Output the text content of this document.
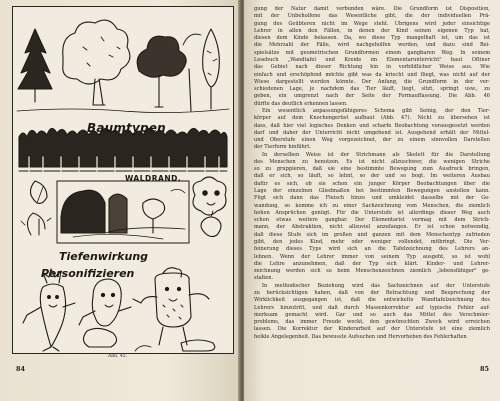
Baumtypen
WALDRAND.
Tiefenwirkung
Personifizieren
Abb. 45.
84
gung der Natur damit verbunden wäre. Die Grundform ist Disposition,
mit der Unbeholfene das Wesentliche gibt, die der individuellen Prä-
gung des Geübteren nicht im Wege steht. Übrigens wird jeder einsichtige
Lehrer in allen den Fällen, in denen der Kind seinen eigenen Typ hat,
diesen dem Kinde belassen. Da, wo diese Typ mangelhaft ist, um das ist
die Mehrzahl der Fälle, wird nachgeholfen werden, und dazu sind Bei-
spielsätze mit geometrischen Grundformen einem gangbaren Weg. In seinem
Lesebuch „Wandtafel und Kreide im Elementarunterricht" baut Oftiner
das Gebiet nach dieser Richtung hin in vorbildlicher Weise aus. Wie
einfach und erschöpfend möchte gibt was da kriecht und fliegt, was nicht auf der
Wiese dargestellt werden könnte. Der Anfang, die Grundform in der ver-
schiedenen Lage, je nachdem das Tier läuft, liegt, sitzt, springt usw., zu
geben, ein umgrenzt nach der Seite der Formauffassung. Die Abb. 46
dürfte das deutlich erkennen lassen.
Ein wesentlich anpassungsfähigeres Schema gibt Seinig, der den Tier-
körper auf dem Knochengerüst aufbaut (Abb. 47). Nicht zu übersehen ist
dass, daß hier viel logisches Denken und scharfe Beobachtung vorausgesetzt werden
darf und daher der Unterricht nicht umgehend ist. Ausgehend erhält der Mittel-
und Oberstufe einen Weg vorgezeichnet, der zu einem sinnvollen Darstellen
der Tierform hinführt.
In derselben Weise ist der Strichmann als Skelett für die Darstellung
des Menschen zu benutzen. Es ist nicht allzuschwer, die wenigen Striche
so zu gruppieren, daß sie eine bestimmte Bewegung zum Ausdruck bringen,
daß er sich, so läuft, so lehnt, so der und so bogt. Im weiteren Ausbau
dafür es sich, ob sie schon ein junger Körper Beobachtungen über die
Lage der einzelnen Gliedmaßen bei bestimmten Bewegungen anstellen kann.
Fügt sich dann das Fleisch hinzu und umkleidet dasselbe mit der Ge-
wandung, so komme ich zu einer Sachzeichnung vom Menschen, die ziemlich
hohen Ansprüchen genügt. Für die Unterstufe ist allerdings dieser Weg auch
schon etwas weitere gangbar. Der Elementarist vermag mit dem Strich-
mann, der Abstraktion, nicht allzuviel anzufangen. Er ist schon notwendig,
daß diese Stufe sich im großen und ganzen mit dem Menschentyp zufrieden
gibt, den jedes Kind, mehr oder weniger vollendet, mitbringt. Die Ver-
feinerung dieses Typs wird sich an die Tafelzeichnung des Lehrers an-
lehnen. Wenn der Lehrer immer von seinem Typ ausgeht, so ist wohl
die Lehre anzunehmen, daß der Typ sich klärt. Kinder- und Lehrer-
zeichnung werden sich so beim Menschenzeichnen ziemlich „lebensfähiger" ge-
stalten.
In methodischer Beziehung wird das Sachzeichnen auf der Unterstufe
zu berücksichtigen haben, daß von der Betrachtung und Besprechung der
Wirklichkeit ausgegangen ist, daß die entwickelte Wandtafelzeichnung des
Lehrers hinzutritt, und daß durch Massenkorrektur auf typische Fehler auf-
merksam gemacht wird. Gar und so auch das Mittel des Verschmier-
problems, das immer Freude weckt, den gewünschten Zweck wird erreichen
lassen. Die Korrektur der Kinderarbeit auf der Unterstufe ist eine ziemlich
heikle Angelegenheit. Das bewusste Aufsuchen und Hervorheben des Fehlerhaften
85
